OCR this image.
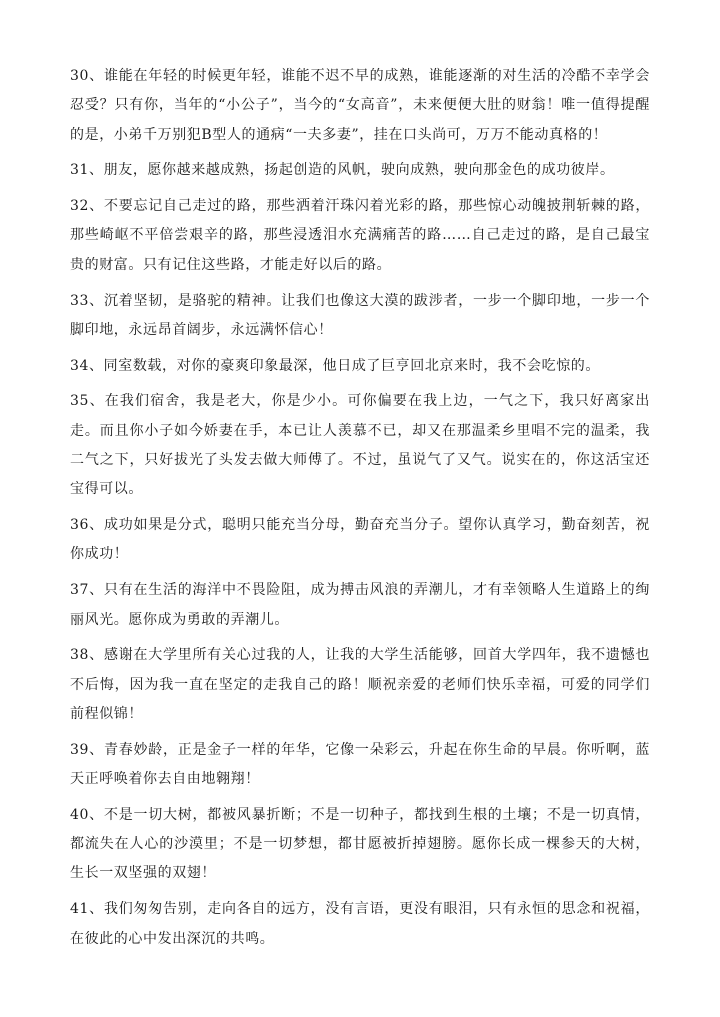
30、谁能在年轻的时候更年轻，谁能不迟不早的成熟，谁能逐渐的对生活的冷酷不幸学会忍受？只有你，当年的“小公子”，当今的“女高音”，未来便便大肚的财翁！唯一值得提醒的是，小弟千万别犯B型人的通病“一夫多妻”，挂在口头尚可，万万不能动真格的！

31、朋友，愿你越来越成熟，扬起创造的风帆，驶向成熟，驶向那金色的成功彼岸。

32、不要忘记自己走过的路，那些洒着汗珠闪着光彩的路，那些惊心动魄披荆斩棘的路，那些崎岖不平倍尝艰辛的路，那些浸透泪水充满痛苦的路……自己走过的路，是自己最宝贵的财富。只有记住这些路，才能走好以后的路。

33、沉着坚韧，是骆驼的精神。让我们也像这大漠的跋涉者，一步一个脚印地，一步一个脚印地，永远昂首阔步，永远满怀信心！

34、同室数载，对你的豪爽印象最深，他日成了巨亨回北京来时，我不会吃惊的。

35、在我们宿舍，我是老大，你是少小。可你偏要在我上边，一气之下，我只好离家出走。而且你小子如今娇妻在手，本已让人羡慕不已，却又在那温柔乡里唱不完的温柔，我二气之下，只好拔光了头发去做大师傅了。不过，虽说气了又气。说实在的，你这活宝还宝得可以。

36、成功如果是分式，聪明只能充当分母，勤奋充当分子。望你认真学习，勤奋刻苦，祝你成功！

37、只有在生活的海洋中不畏险阻，成为搏击风浪的弄潮儿，才有幸领略人生道路上的绚丽风光。愿你成为勇敢的弄潮儿。

38、感谢在大学里所有关心过我的人，让我的大学生活能够，回首大学四年，我不遗憾也不后悔，因为我一直在坚定的走我自己的路！顺祝亲爱的老师们快乐幸福，可爱的同学们前程似锦！

39、青春妙龄，正是金子一样的年华，它像一朵彩云，升起在你生命的早晨。你听啊，蓝天正呼唤着你去自由地翱翔！

40、不是一切大树，都被风暴折断；不是一切种子，都找到生根的土壤；不是一切真情，都流失在人心的沙漠里；不是一切梦想，都甘愿被折掉翅膀。愿你长成一棵参天的大树，生长一双坚强的双翅！

41、我们匆匆告别，走向各自的远方，没有言语，更没有眼泪，只有永恒的思念和祝福，在彼此的心中发出深沉的共鸣。
